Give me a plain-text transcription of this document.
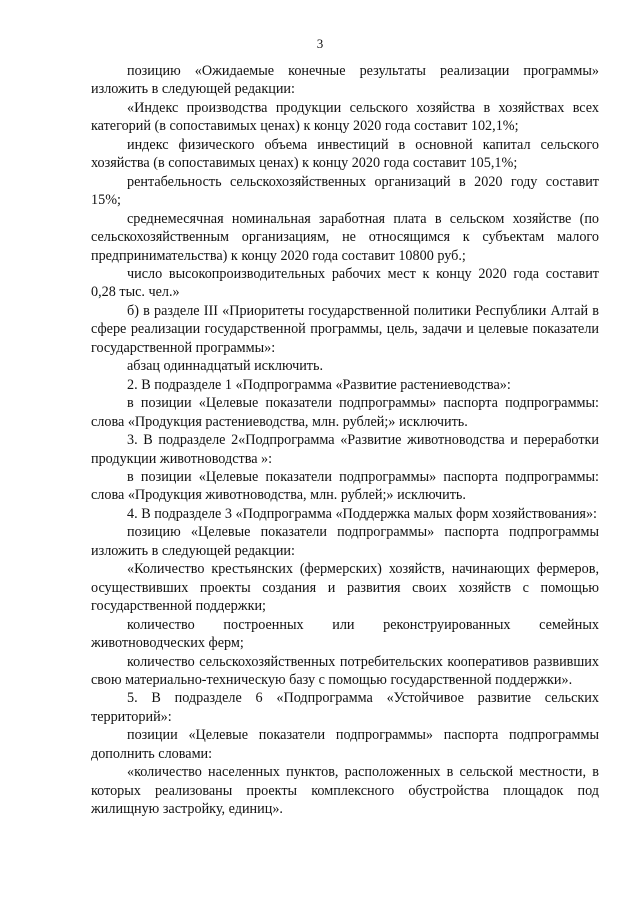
3

позицию «Ожидаемые конечные результаты реализации программы» изложить в следующей редакции:

«Индекс производства продукции сельского хозяйства в хозяйствах всех категорий (в сопоставимых ценах) к концу 2020 года составит 102,1%;

индекс физического объема инвестиций в основной капитал сельского хозяйства (в сопоставимых ценах) к концу 2020 года составит 105,1%;

рентабельность сельскохозяйственных организаций в 2020 году составит 15%;

среднемесячная номинальная заработная плата в сельском хозяйстве (по сельскохозяйственным организациям, не относящимся к субъектам малого предпринимательства) к концу 2020 года составит 10800 руб.;

число высокопроизводительных рабочих мест к концу 2020 года составит 0,28 тыс. чел.»

б) в разделе III «Приоритеты государственной политики Республики Алтай в сфере реализации государственной программы, цель, задачи и целевые показатели государственной программы»:

абзац одиннадцатый исключить.

2. В подразделе 1 «Подпрограмма «Развитие растениеводства»:

в позиции «Целевые показатели подпрограммы» паспорта подпрограммы: слова «Продукция растениеводства, млн. рублей;» исключить.

3. В подразделе 2«Подпрограмма «Развитие животноводства и переработки продукции животноводства »:

в позиции «Целевые показатели подпрограммы» паспорта подпрограммы: слова «Продукция животноводства, млн. рублей;» исключить.

4. В подразделе 3 «Подпрограмма «Поддержка малых форм хозяйствования»:

позицию «Целевые показатели подпрограммы» паспорта подпрограммы изложить в следующей редакции:

«Количество крестьянских (фермерских) хозяйств, начинающих фермеров, осуществивших проекты создания и развития своих хозяйств с помощью государственной поддержки;

количество построенных или реконструированных семейных животноводческих ферм;

количество сельскохозяйственных потребительских кооперативов развивших свою материально-техническую базу с помощью государственной поддержки».

5. В подразделе 6 «Подпрограмма «Устойчивое развитие сельских территорий»:

позиции «Целевые показатели подпрограммы» паспорта подпрограммы дополнить словами:

«количество населенных пунктов, расположенных в сельской местности, в которых реализованы проекты комплексного обустройства площадок под жилищную застройку, единиц».
